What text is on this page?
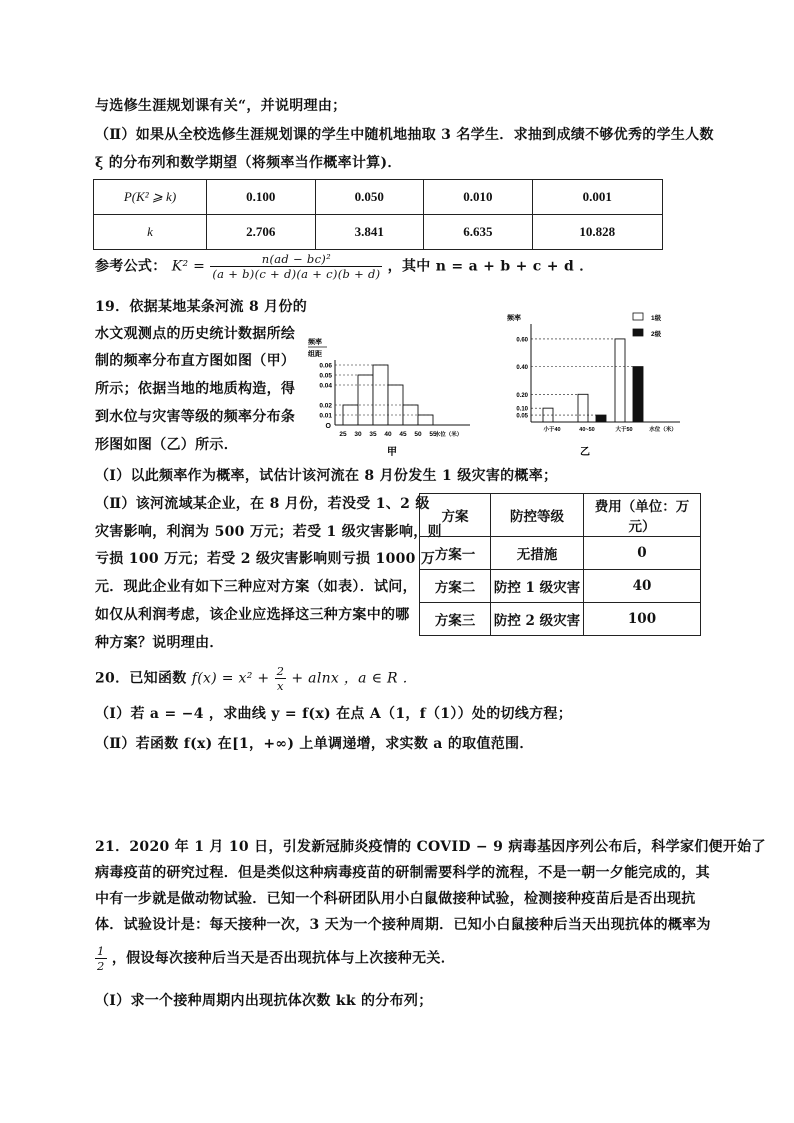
与选修生涯规划课有关“，并说明理由；
（Ⅱ）如果从全校选修生涯规划课的学生中随机地抽取 3 名学生．求抽到成绩不够优秀的学生人数
ξ 的分布列和数学期望（将频率当作概率计算)．
P(K² ⩾ k)	0.100	0.050	0.010	0.001
k	2.706	3.841	6.635	10.828
参考公式： $K^2 = \frac{\text{n(ad − bc)²}}{(a + b)(c + d)(a + c)(b + d)}$ ，其中 n = a + b + c + d ．
19．依据某地某条河流 8 月份的
水文观测点的历史统计数据所绘
制的频率分布直方图如图（甲）
所示；依据当地的地质构造，得
到水位与灾害等级的频率分布条
形图如图（乙）所示．
频率
组距
0.06
0.05
0.04
0.02
0.01
O
25 30 35 40 45 50 55
水位（米）
甲
频率
0.60
0.40
0.20
0.10
0.05
小于40	40~50	大于50	水位（米）
1级
2级
乙
（Ⅰ）以此频率作为概率，试估计该河流在 8 月份发生 1 级灾害的概率；
（Ⅱ）该河流域某企业，在 8 月份，若没受 1、2 级
灾害影响，利润为 500 万元；若受 1 级灾害影响，则
亏损 100 万元；若受 2 级灾害影响则亏损 1000 万
元．现此企业有如下三种应对方案（如表）．试问，
如仅从利润考虑，该企业应选择这三种方案中的哪
种方案？说明理由．
方案	防控等级	费用（单位：万元）
方案一	无措施	0
方案二	防控 1 级灾害	40
方案三	防控 2 级灾害	100
20．已知函数 $f(x) = x^2 + \frac{2}{x} + alnx$ ，a ∈ R ．
（Ⅰ）若 a = −4 ，求曲线 y = f(x) 在点 A（1，f（1））处的切线方程；
（Ⅱ）若函数 f(x) 在[1，+∞) 上单调递增，求实数 a 的取值范围．
21．2020 年 1 月 10 日，引发新冠肺炎疫情的 COVID − 9 病毒基因序列公布后，科学家们便开始了
病毒疫苗的研究过程．但是类似这种病毒疫苗的研制需要科学的流程，不是一朝一夕能完成的，其
中有一步就是做动物试验．已知一个科研团队用小白鼠做接种试验，检测接种疫苗后是否出现抗
体．试验设计是：每天接种一次，3 天为一个接种周期．已知小白鼠接种后当天出现抗体的概率为
$\frac{1}{2}$ ，假设每次接种后当天是否出现抗体与上次接种无关．
（Ⅰ）求一个接种周期内出现抗体次数 kk 的分布列；
